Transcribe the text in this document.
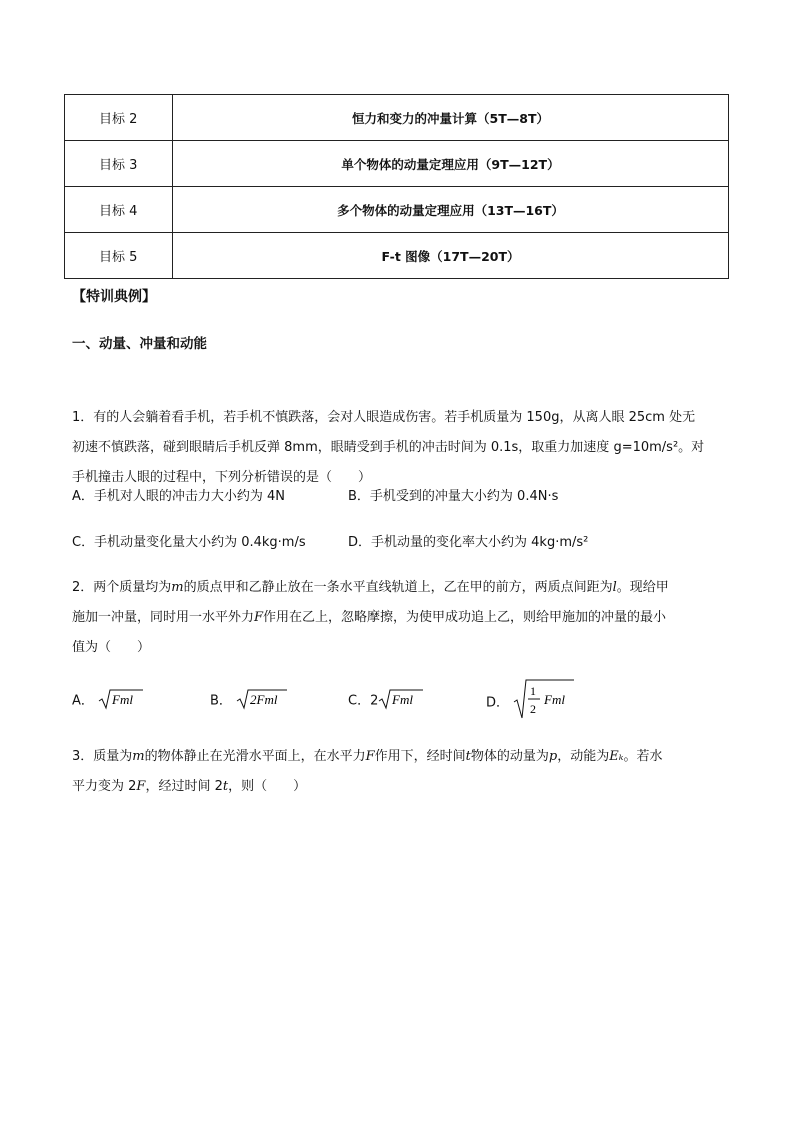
目标 2	恒力和变力的冲量计算（5T—8T）
目标 3	单个物体的动量定理应用（9T—12T）
目标 4	多个物体的动量定理应用（13T—16T）
目标 5	F-t 图像（17T—20T）
【特训典例】
一、动量、冲量和动能
1．有的人会躺着看手机，若手机不慎跌落，会对人眼造成伤害。若手机质量为 150g，从离人眼 25cm 处无
初速不慎跌落，碰到眼睛后手机反弹 8mm，眼睛受到手机的冲击时间为 0.1s，取重力加速度 g=10m/s²。对
手机撞击人眼的过程中，下列分析错误的是（　　）
A．手机对人眼的冲击力大小约为 4N	B．手机受到的冲量大小约为 0.4N·s
C．手机动量变化量大小约为 0.4kg·m/s	D．手机动量的变化率大小约为 4kg·m/s²
2．两个质量均为m的质点甲和乙静止放在一条水平直线轨道上，乙在甲的前方，两质点间距为l。现给甲
施加一冲量，同时用一水平外力F作用在乙上，忽略摩擦，为使甲成功追上乙，则给甲施加的冲量的最小
值为（　　）
A． Fml	B． 2Fml	C．2 Fml	D．
1
2
Fml
3．质量为m的物体静止在光滑水平面上，在水平力F作用下，经时间t物体的动量为p，动能为Eₖ。若水
平力变为 2F，经过时间 2t，则（　　）
